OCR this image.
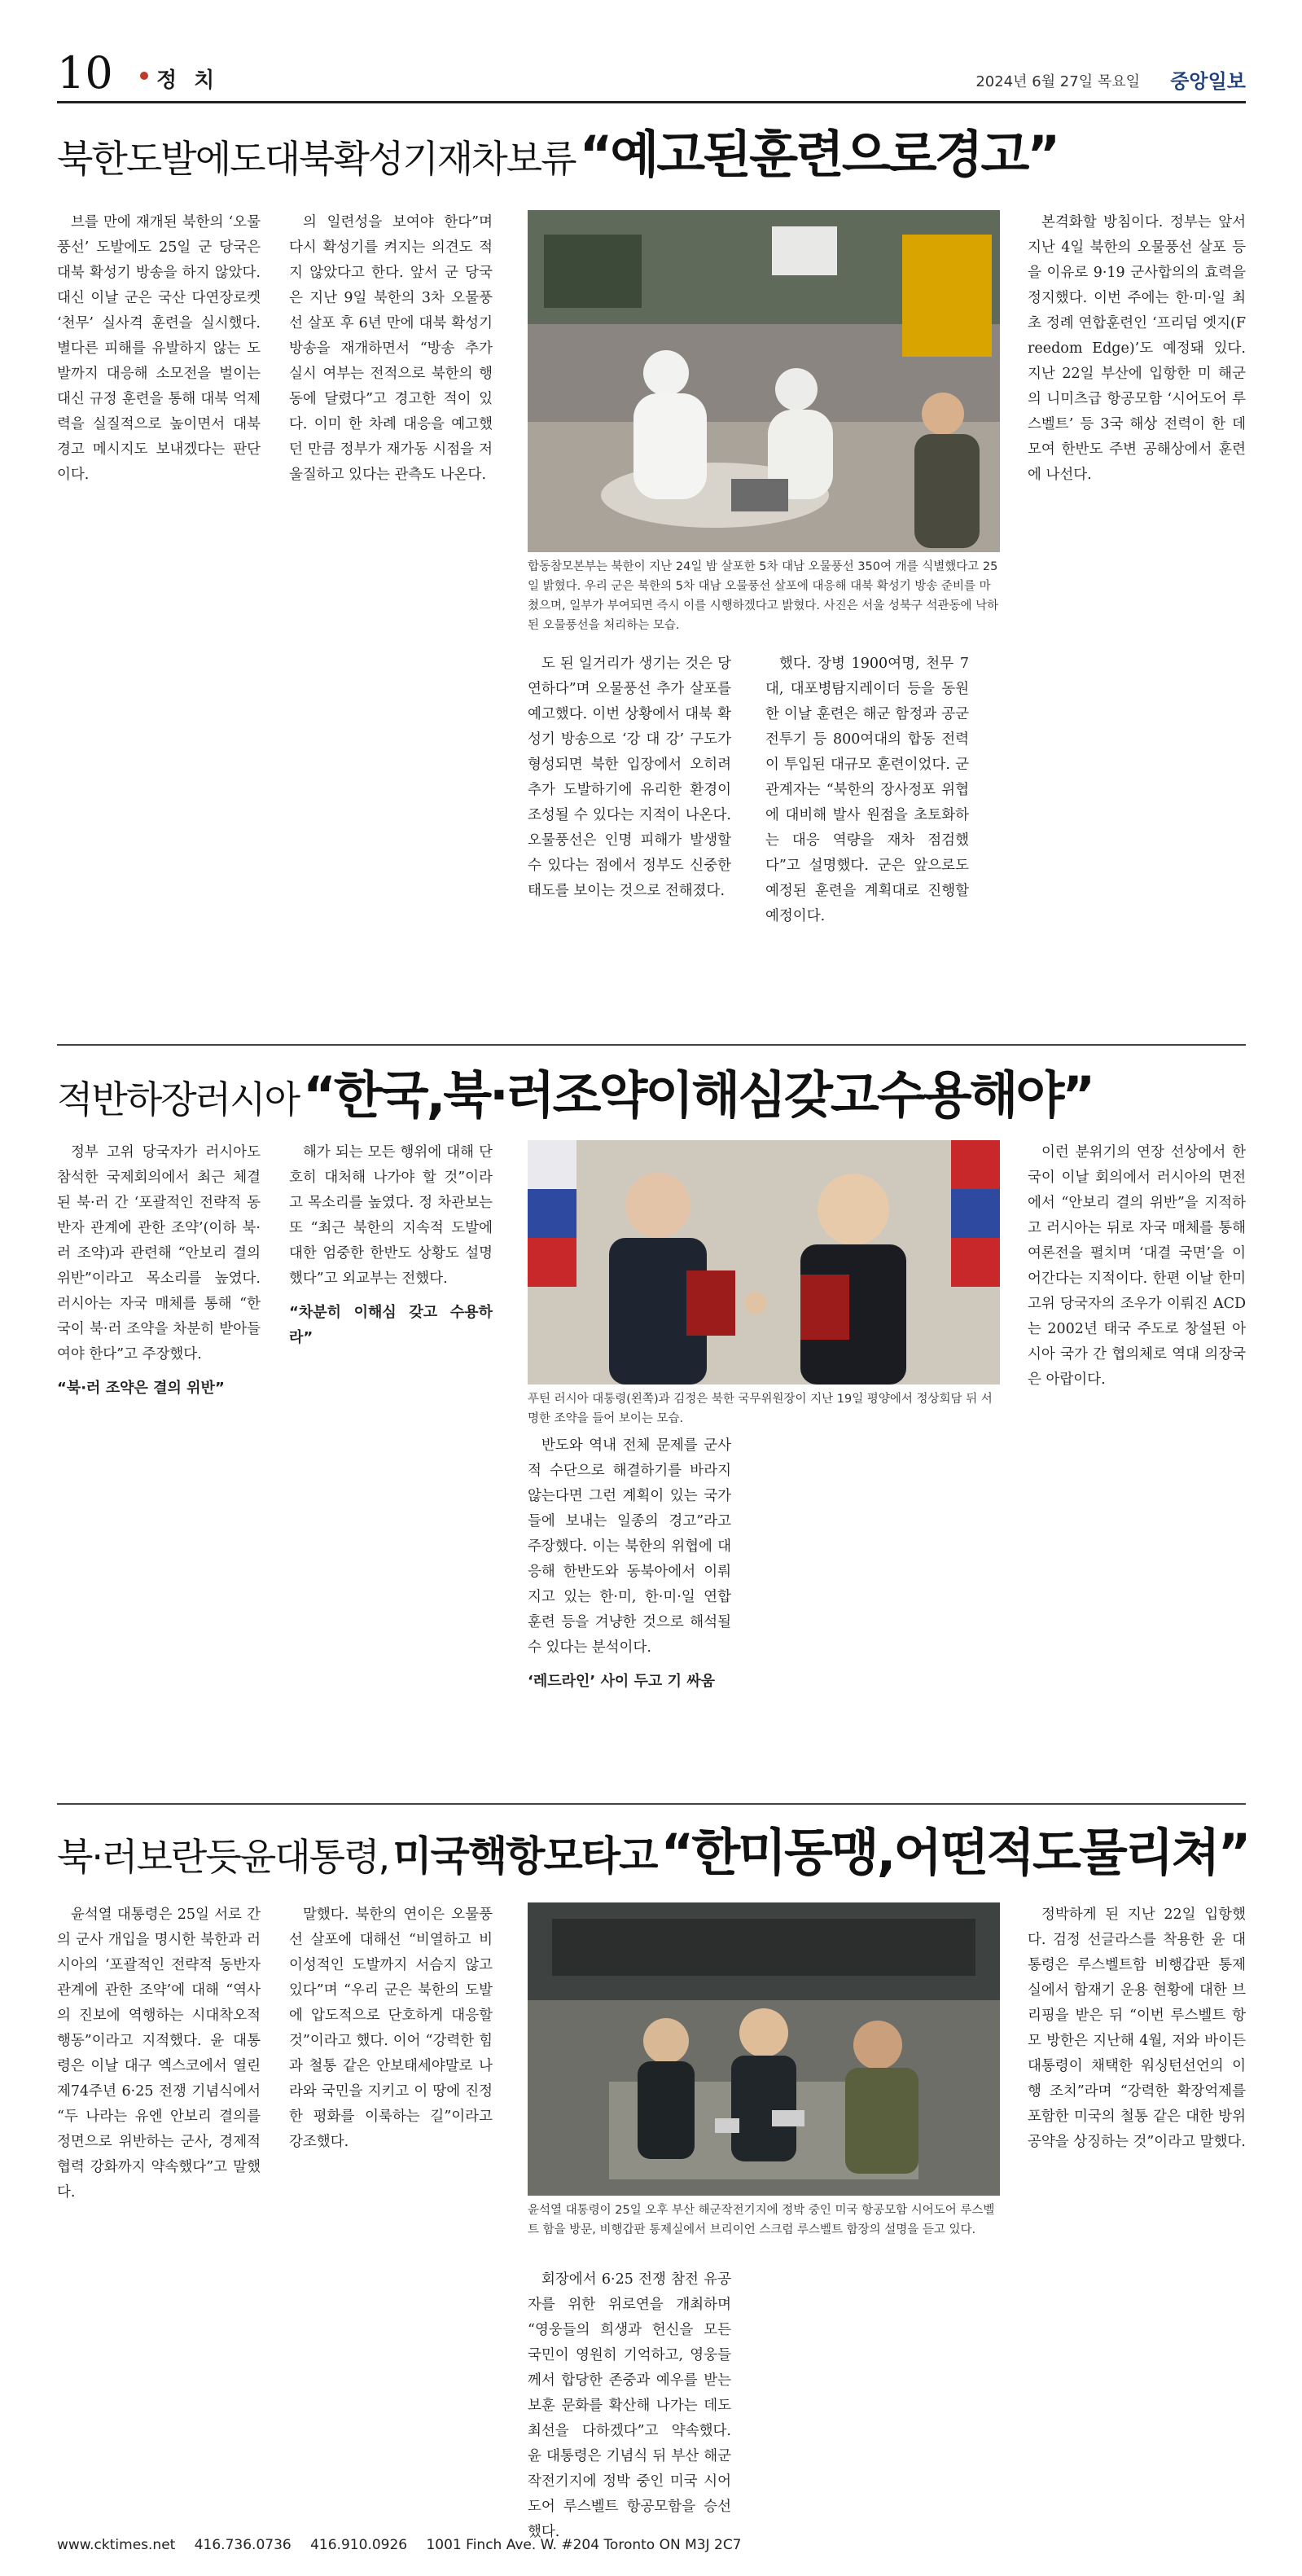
10 정 치	2024년 6월 27일 목요일 중앙일보
북한도발에도대북확성기재차보류 “예고된훈련으로경고”

브를 만에 재개된 북한의 ‘오물풍선’ 도발에도 25일 군 당국은 대북 확성기 방송을 하지 않았다. 대신 이날 군은 국산 다연장로켓 ‘천무’ 실사격 훈련을 실시했다. 별다른 피해를 유발하지 않는 도발까지 대응해 소모전을 벌이는 대신 규정 훈련을 통해 대북 억제력을 실질적으로 높이면서 대북 경고 메시지도 보내겠다는 판단이다.

의 일련성을 보여야 한다”며 다시 확성기를 켜지는 의견도 적지 않았다고 한다. 앞서 군 당국은 지난 9일 북한의 3차 오물풍선 살포 후 6년 만에 대북 확성기 방송을 재개하면서 “방송 추가 실시 여부는 전적으로 북한의 행동에 달렸다”고 경고한 적이 있다. 이미 한 차례 대응을 예고했던 만큼 정부가 재가동 시점을 저울질하고 있다는 관측도 나온다.

합동참모본부는 북한이 지난 24일 밤 살포한 5차 대남 오물풍선 350여 개를 식별했다고 25일 밝혔다. 우리 군은 북한의 5차 대남 오물풍선 살포에 대응해 대북 확성기 방송 준비를 마쳤으며, 일부가 부여되면 즉시 이를 시행하겠다고 밝혔다. 사진은 서울 성북구 석관동에 낙하된 오물풍선을 처리하는 모습.

도 된 일거리가 생기는 것은 당연하다”며 오물풍선 추가 살포를 예고했다. 이번 상황에서 대북 확성기 방송으로 ‘강 대 강’ 구도가 형성되면 북한 입장에서 오히려 추가 도발하기에 유리한 환경이 조성될 수 있다는 지적이 나온다. 오물풍선은 인명 피해가 발생할 수 있다는 점에서 정부도 신중한 태도를 보이는 것으로 전해졌다.

했다. 장병 1900여명, 천무 7대, 대포병탐지레이더 등을 동원한 이날 훈련은 해군 함정과 공군 전투기 등 800여대의 합동 전력이 투입된 대규모 훈련이었다. 군 관계자는 “북한의 장사정포 위협에 대비해 발사 원점을 초토화하는 대응 역량을 재차 점검했다”고 설명했다. 군은 앞으로도 예정된 훈련을 계획대로 진행할 예정이다.

본격화할 방침이다. 정부는 앞서 지난 4일 북한의 오물풍선 살포 등을 이유로 9·19 군사합의의 효력을 정지했다. 이번 주에는 한·미·일 최초 정례 연합훈련인 ‘프리덤 엣지(Freedom Edge)’도 예정돼 있다. 지난 22일 부산에 입항한 미 해군의 니미츠급 항공모함 ‘시어도어 루스벨트’ 등 3국 해상 전력이 한 데 모여 한반도 주변 공해상에서 훈련에 나선다.

적반하장러시아 “한국,북·러조약이해심갖고수용해야”

정부 고위 당국자가 러시아도 참석한 국제회의에서 최근 체결된 북·러 간 ‘포괄적인 전략적 동반자 관계에 관한 조약’(이하 북·러 조약)과 관련해 “안보리 결의 위반”이라고 목소리를 높였다. 러시아는 자국 매체를 통해 “한국이 북·러 조약을 차분히 받아들여야 한다”고 주장했다.

“북·러 조약은 결의 위반”

해가 되는 모든 행위에 대해 단호히 대처해 나가야 할 것”이라고 목소리를 높였다. 정 차관보는 또 “최근 북한의 지속적 도발에 대한 엄중한 한반도 상황도 설명했다”고 외교부는 전했다.

“차분히 이해심 갖고 수용하라”
푸틴 러시아 대통령(왼쪽)과 김정은 북한 국무위원장이 지난 19일 평양에서 정상회담 뒤 서명한 조약을 들어 보이는 모습.

반도와 역내 전체 문제를 군사적 수단으로 해결하기를 바라지 않는다면 그런 계획이 있는 국가들에 보내는 일종의 경고”라고 주장했다. 이는 북한의 위협에 대응해 한반도와 동북아에서 이뤄지고 있는 한·미, 한·미·일 연합 훈련 등을 겨냥한 것으로 해석될 수 있다는 분석이다.

‘레드라인’ 사이 두고 기 싸움

이런 분위기의 연장 선상에서 한국이 이날 회의에서 러시아의 면전에서 “안보리 결의 위반”을 지적하고 러시아는 뒤로 자국 매체를 통해 여론전을 펼치며 ‘대결 국면’을 이어간다는 지적이다. 한편 이날 한미 고위 당국자의 조우가 이뤄진 ACD는 2002년 태국 주도로 창설된 아시아 국가 간 협의체로 역대 의장국은 아랍이다.

북·러보란듯윤대통령, 미국핵항모타고 “한미동맹,어떤적도물리쳐”

윤석열 대통령은 25일 서로 간의 군사 개입을 명시한 북한과 러시아의 ‘포괄적인 전략적 동반자 관계에 관한 조약’에 대해 “역사의 진보에 역행하는 시대착오적 행동”이라고 지적했다. 윤 대통령은 이날 대구 엑스코에서 열린 제74주년 6·25 전쟁 기념식에서 “두 나라는 유엔 안보리 결의를 정면으로 위반하는 군사, 경제적 협력 강화까지 약속했다”고 말했다.

말했다. 북한의 연이은 오물풍선 살포에 대해선 “비열하고 비이성적인 도발까지 서슴지 않고 있다”며 “우리 군은 북한의 도발에 압도적으로 단호하게 대응할 것”이라고 했다. 이어 “강력한 힘과 철통 같은 안보태세야말로 나라와 국민을 지키고 이 땅에 진정한 평화를 이룩하는 길”이라고 강조했다.

윤석열 대통령이 25일 오후 부산 해군작전기지에 정박 중인 미국 항공모함 시어도어 루스벨트 함을 방문, 비행갑판 통제실에서 브리이언 스크럼 루스벨트 함장의 설명을 듣고 있다.

회장에서 6·25 전쟁 참전 유공자를 위한 위로연을 개최하며 “영웅들의 희생과 헌신을 모든 국민이 영원히 기억하고, 영웅들께서 합당한 존중과 예우를 받는 보훈 문화를 확산해 나가는 데도 최선을 다하겠다”고 약속했다. 윤 대통령은 기념식 뒤 부산 해군작전기지에 정박 중인 미국 시어도어 루스벨트 항공모함을 승선했다.

정박하게 된 지난 22일 입항했다. 검정 선글라스를 착용한 윤 대통령은 루스벨트함 비행갑판 통제실에서 함재기 운용 현황에 대한 브리핑을 받은 뒤 “이번 루스벨트 항모 방한은 지난해 4월, 저와 바이든 대통령이 채택한 워싱턴선언의 이행 조치”라며 “강력한 확장억제를 포함한 미국의 철통 같은 대한 방위공약을 상징하는 것”이라고 말했다.

www.cktimes.net 416.736.0736 416.910.0926 1001 Finch Ave. W. #204 Toronto ON M3J 2C7
